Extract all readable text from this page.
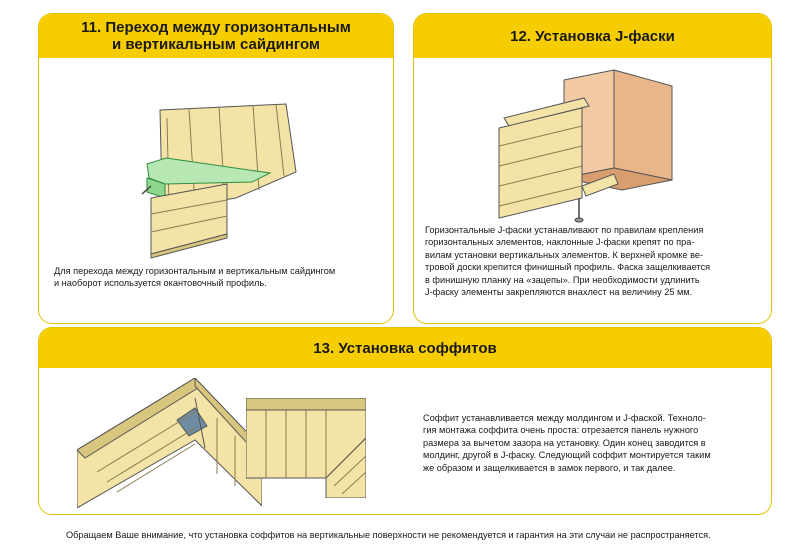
11. Переход между горизонтальным
и вертикальным сайдингом
Для перехода между горизонтальным и вертикальным сайдингом
и наоборот используется окантовочный профиль.
12. Установка J-фаски
Горизонтальные J-фаски устанавливают по правилам крепления
горизонтальных элементов, наклонные J-фаски крепят по пра-
вилам установки вертикальных элементов. К верхней кромке ве-
тровой доски крепится финишный профиль. Фаска защелкивается
в финишную планку на «зацепы». При необходимости удлинить
J-фаску элементы закрепляются внахлест на величину 25 мм.
13. Установка соффитов
Соффит устанавливается между молдингом и J-фаской. Техноло-
гия монтажа соффита очень проста: отрезается панель нужного
размера за вычетом зазора на установку. Один конец заводится в
молдинг, другой в J-фаску. Следующий соффит монтируется таким
же образом и защелкивается в замок первого, и так далее.
Обращаем Ваше внимание, что установка соффитов на вертикальные поверхности не рекомендуется и гарантия на эти случаи не распространяется.
